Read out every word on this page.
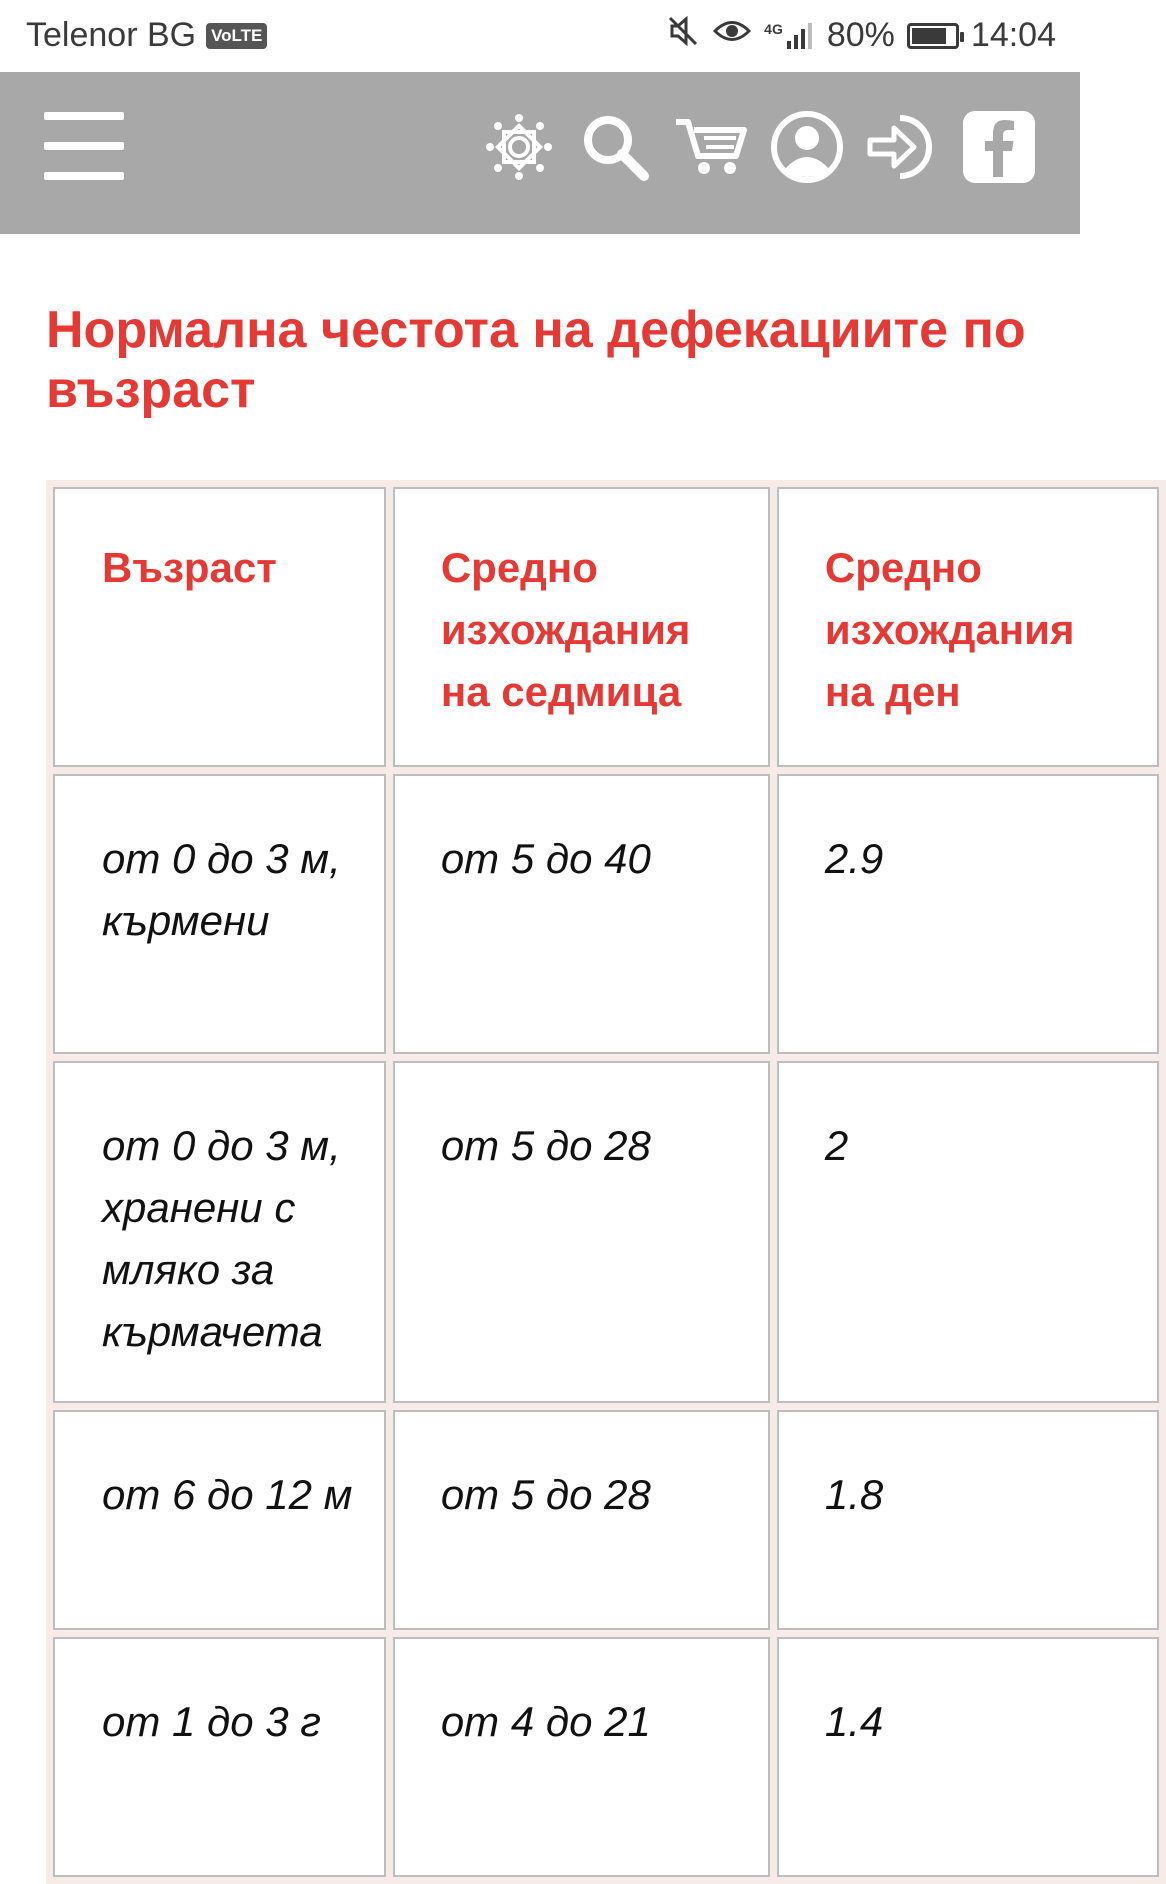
Telenor BG VoLTE	4G 80% 14:04
Нормална честота на дефекациите по възраст
Възраст	Средно изхождания на седмица	Средно изхождания на ден
от 0 до 3 м, кърмени	от 5 до 40	2.9
от 0 до 3 м, хранени с мляко за кърмачета	от 5 до 28	2
от 6 до 12 м	от 5 до 28	1.8
от 1 до 3 г	от 4 до 21	1.4
